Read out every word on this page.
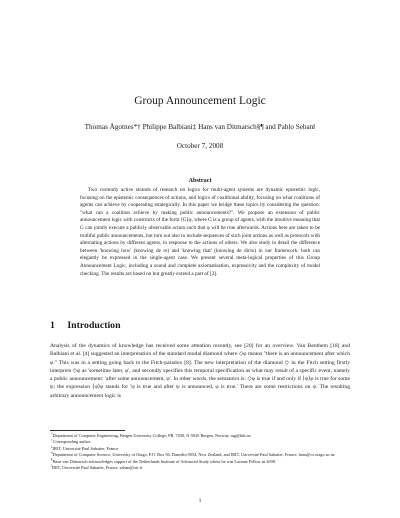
Group Announcement Logic
Thomas Ågotnes*† Philippe Balbiani‡ Hans van Ditmarsch§¶ and Pablo Seban‖
October 7, 2008
Abstract
Two currently active strands of research on logics for multi-agent systems are dynamic epistemic logic, focusing on the epistemic consequences of actions, and logics of coalitional ability, focusing on what coalitions of agents can achieve by cooperating strategically. In this paper we bridge these topics by considering the question: "what can a coalition achieve by making public announcements?". We propose an extension of public announcement logic with constructs of the form ⟨G⟩φ, where G is a group of agents, with the intuitive meaning that G can jointly execute a publicly observable action such that φ will be true afterwards. Actions here are taken to be truthful public announcements, but turn out also to include sequences of such joint actions as well as protocols with alternating actions by different agents, in response to the actions of others. We also study in detail the difference between 'knowing how' (knowing de re) and 'knowing that' (knowing de dicto) in our framework: both can elegantly be expressed in the single-agent case. We present several meta-logical properties of this Group Announcement Logic, including a sound and complete axiomatisation, expressivity and the complexity of model checking. The results are based on but greatly extend a part of [2].
1 Introduction
Analysis of the dynamics of knowledge has received some attention recently, see [20] for an overview. Van Benthem [18] and Balbiani et al. [4] suggested an interpretation of the standard modal diamond where ◇φ means "there is an announcement after which φ." This was in a setting going back to the Fitch-paradox [8]. The new interpretation of the diamond ◇ in the Fitch setting firstly interprets ◇φ as 'sometime later, φ', and secondly specifies this temporal specification as what may result of a specific event, namely a public announcement: 'after some announcement, φ'. In other words, the semantics is: ◇φ is true if and only if ⟨ψ⟩φ is true for some ψ; the expression ⟨ψ⟩φ stands for 'ψ is true and after ψ is announced, φ is true.' There are some restrictions on ψ. The resulting arbitrary announcement logic is

*Department of Computer Engineering, Bergen University College, PB. 7030, N-5020 Bergen, Norway. tag@hib.no

†Corresponding author.

‡IRIT, Université Paul Sabatier, France

§Department of Computer Science, University of Otago, P.O. Box 56, Dunedin 9054, New Zealand, and IRIT, Université Paul Sabatier, France, hans@cs.otago.ac.nz

¶Hans van Ditmarsch acknowledges support of the Netherlands Institute of Advanced Study where he was Lorentz Fellow in 2008.

‖IRIT, Université Paul Sabatier, France, seban@irit.fr

1
